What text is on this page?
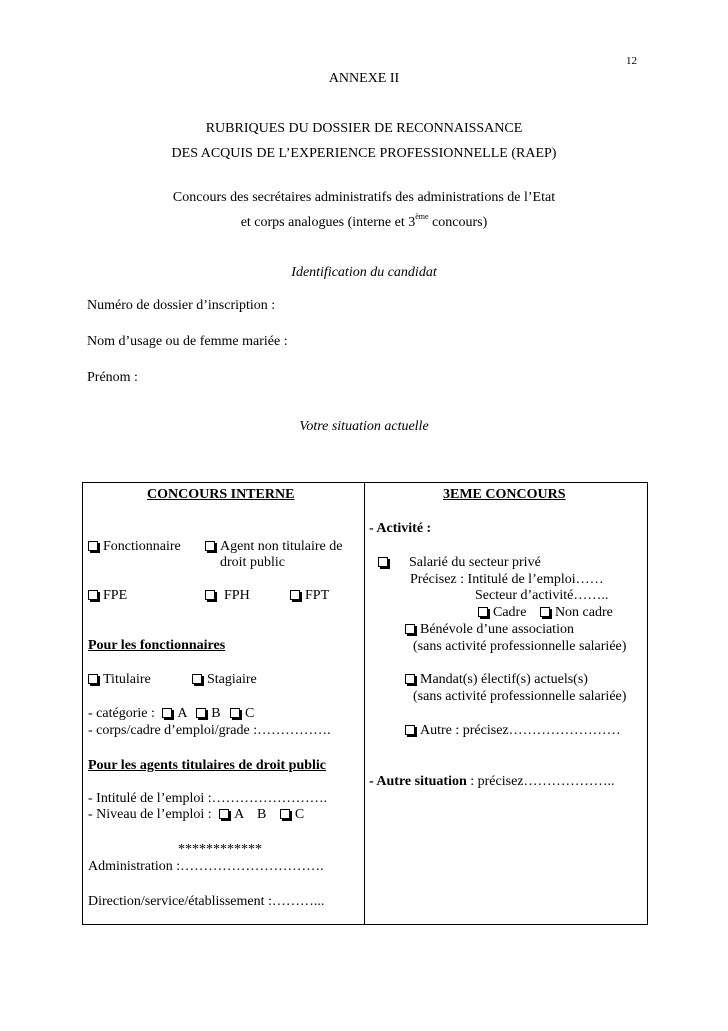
12
ANNEXE II
RUBRIQUES DU DOSSIER DE RECONNAISSANCE
DES ACQUIS DE L’EXPERIENCE PROFESSIONNELLE (RAEP)
Concours des secrétaires administratifs des administrations de l’Etat
et corps analogues (interne et 3ème concours)
Identification du candidat
Numéro de dossier d’inscription :
Nom d’usage ou de femme mariée :
Prénom :
Votre situation actuelle
CONCOURS INTERNE
Fonctionnaire	Agent non titulaire de
droit public
FPE	FPH	FPT
Pour les fonctionnaires
Titulaire	Stagiaire
- catégorie : A B C
- corps/cadre d’emploi/grade :…………….
Pour les agents titulaires de droit public
- Intitulé de l’emploi :…………………….
- Niveau de l’emploi : A B C
************
Administration :………………………….
Direction/service/établissement :………...
3EME CONCOURS
- Activité :
Salarié du secteur privé
Précisez : Intitulé de l’emploi……
Secteur d’activité……..
Cadre Non cadre
Bénévole d’une association
(sans activité professionnelle salariée)
Mandat(s) électif(s) actuels(s)
(sans activité professionnelle salariée)
Autre : précisez……………………
- Autre situation : précisez………………..
